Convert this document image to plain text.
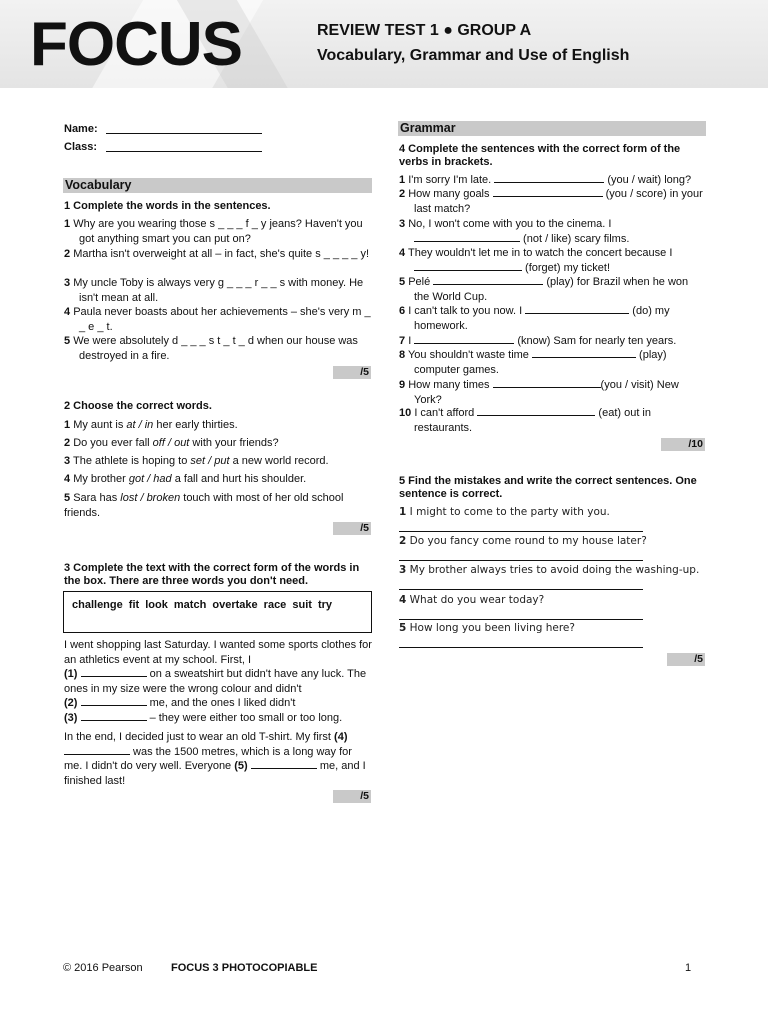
FOCUS	REVIEW TEST 1 ● GROUP A
Vocabulary, Grammar and Use of English
Name:
Class:
Vocabulary
1 Complete the words in the sentences.
1 Why are you wearing those s _ _ _ f _ y jeans? Haven't you got anything smart you can put on?
2 Martha isn't overweight at all – in fact, she's quite s _ _ _ _ y!
3 My uncle Toby is always very g _ _ _ r _ _ s with money. He isn't mean at all.
4 Paula never boasts about her achievements – she's very m _ _ e _ t.
5 We were absolutely d _ _ _ s t _ t _ d when our house was destroyed in a fire.
/5
2 Choose the correct words.
1 My aunt is at / in her early thirties.
2 Do you ever fall off / out with your friends?
3 The athlete is hoping to set / put a new world record.
4 My brother got / had a fall and hurt his shoulder.
5 Sara has lost / broken touch with most of her old school friends.
/5
3 Complete the text with the correct form of the words in the box. There are three words you don't need.
challenge fit look match overtake race suit try
I went shopping last Saturday. I wanted some sports clothes for an athletics event at my school. First, I
(1)	on a sweatshirt but didn't have any luck. The ones in my size were the wrong colour and didn't
(2)	me, and the ones I liked didn't
(3)	– they were either too small or too long.
In the end, I decided just to wear an old T-shirt. My first (4)
was the 1500 metres, which is a long way for me. I didn't do very well. Everyone (5)	me, and I finished last!
/5
Grammar
4 Complete the sentences with the correct form of the verbs in brackets.
1 I'm sorry I'm late.	(you / wait) long?
2 How many goals	(you / score) in your last match?
3 No, I won't come with you to the cinema. I  (not / like) scary films.
4 They wouldn't let me in to watch the concert because I  (forget) my ticket!
5 Pelé	(play) for Brazil when he won the World Cup.
6 I can't talk to you now. I	(do) my homework.
7 I	(know) Sam for nearly ten years.
8 You shouldn't waste time	(play) computer games.
9 How many times	(you / visit) New York?
10 I can't afford	(eat) out in restaurants.
/10
5 Find the mistakes and write the correct sentences. One sentence is correct.
1 I might to come to the party with you.
2 Do you fancy come round to my house later?
3 My brother always tries to avoid doing the washing-up.
4 What do you wear today?
5 How long you been living here?
/5
© 2016 Pearson	FOCUS 3 PHOTOCOPIABLE	1
